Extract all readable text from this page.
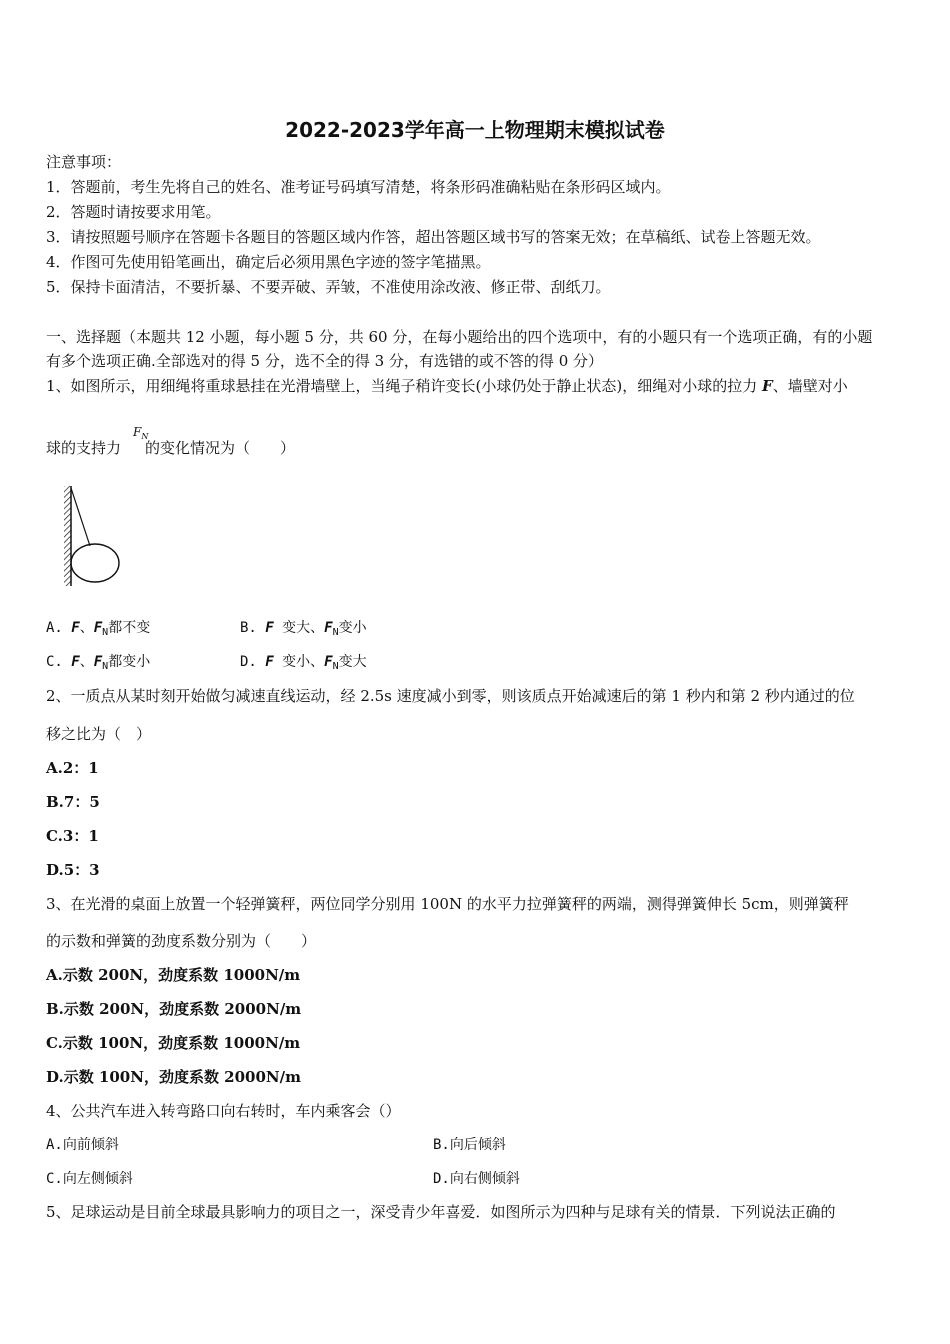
2022-2023学年高一上物理期末模拟试卷
注意事项：
1．答题前，考生先将自己的姓名、准考证号码填写清楚，将条形码准确粘贴在条形码区域内。
2．答题时请按要求用笔。
3．请按照题号顺序在答题卡各题目的答题区域内作答，超出答题区域书写的答案无效；在草稿纸、试卷上答题无效。
4．作图可先使用铅笔画出，确定后必须用黑色字迹的签字笔描黑。
5．保持卡面清洁，不要折暴、不要弄破、弄皱，不准使用涂改液、修正带、刮纸刀。
一、选择题（本题共 12 小题，每小题 5 分，共 60 分，在每小题给出的四个选项中，有的小题只有一个选项正确，有的小题
有多个选项正确.全部选对的得 5 分，选不全的得 3 分，有选错的或不答的得 0 分）
1、如图所示，用细绳将重球悬挂在光滑墙壁上，当绳子稍许变长(小球仍处于静止状态)，细绳对小球的拉力 F、墙壁对小
$F_N$
球的支持力 的变化情况为（　　）
A. F、$F_N$都不变	B. F 变大、$F_N$变小
C. F、$F_N$都变小	D. F 变小、$F_N$变大
2、一质点从某时刻开始做匀减速直线运动，经 2.5s 速度减小到零，则该质点开始减速后的第 1 秒内和第 2 秒内通过的位
移之比为（　）
A.2：1
B.7：5
C.3：1
D.5：3
3、在光滑的桌面上放置一个轻弹簧秤，两位同学分别用 100N 的水平力拉弹簧秤的两端，测得弹簧伸长 5cm，则弹簧秤
的示数和弹簧的劲度系数分别为（　　）
A.示数 200N，劲度系数 1000N/m
B.示数 200N，劲度系数 2000N/m
C.示数 100N，劲度系数 1000N/m
D.示数 100N，劲度系数 2000N/m
4、公共汽车进入转弯路口向右转时，车内乘客会（）
A.向前倾斜	B.向后倾斜
C.向左侧倾斜	D.向右侧倾斜
5、足球运动是目前全球最具影响力的项目之一，深受青少年喜爱．如图所示为四种与足球有关的情景．下列说法正确的
